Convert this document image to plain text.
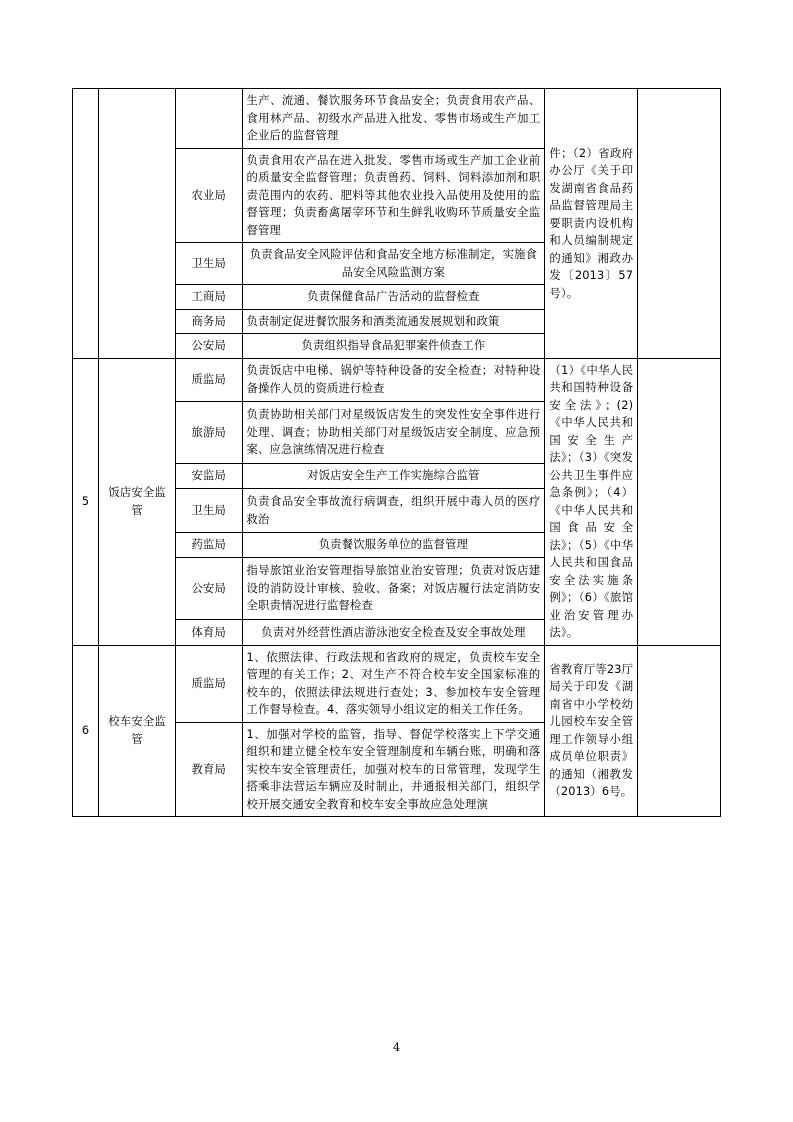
			生产、流通、餐饮服务环节食品安全；负责食用农产品、食用林产品、初级水产品进入批发、零售市场或生产加工企业后的监督管理	件；（2）省政府办公厅《关于印发湖南省食品药品监督管理局主要职责内设机构和人员编制规定的通知》湘政办发〔2013〕57号）。	
		农业局	负责食用农产品在进入批发、零售市场或生产加工企业前的质量安全监督管理；负责兽药、饲料、饲料添加剂和职责范围内的农药、肥料等其他农业投入品使用及使用的监督管理；负责畜禽屠宰环节和生鲜乳收购环节质量安全监督管理		
		卫生局	负责食品安全风险评估和食品安全地方标准制定，实施食品安全风险监测方案		
		工商局	负责保健食品广告活动的监督检查		
		商务局	负责制定促进餐饮服务和酒类流通发展规划和政策		
		公安局	负责组织指导食品犯罪案件侦查工作		
5	饭店安全监管	质监局	负责饭店中电梯、锅炉等特种设备的安全检查；对特种设备操作人员的资质进行检查	（1）《中华人民共和国特种设备安全法》；(2)《中华人民共和国安全生产法》；（3）《突发公共卫生事件应急条例》；（4）《中华人民共和国食品安全法》；（5）《中华人民共和国食品安全法实施条例》；（6）《旅馆业治安管理办法》。	
		旅游局	负责协助相关部门对星级饭店发生的突发性安全事件进行处理、调查；协助相关部门对星级饭店安全制度、应急预案、应急演练情况进行检查		
		安监局	对饭店安全生产工作实施综合监管		
		卫生局	负责食品安全事故流行病调查，组织开展中毒人员的医疗救治		
		药监局	负责餐饮服务单位的监督管理		
		公安局	指导旅馆业治安管理指导旅馆业治安管理；负责对饭店建设的消防设计审核、验收、备案；对饭店履行法定消防安全职责情况进行监督检查		
		体育局	负责对外经营性酒店游泳池安全检查及安全事故处理		
6	校车安全监管	质监局	1、依照法律、行政法规和省政府的规定，负责校车安全管理的有关工作；2、对生产不符合校车安全国家标准的校车的，依照法律法规进行查处；3、参加校车安全管理工作督导检查。4、落实领导小组议定的相关工作任务。	省教育厅等23厅局关于印发《湖南省中小学校幼儿园校车安全管理工作领导小组成员单位职责》的通知（湘教发（2013）6号。	
		教育局	1、加强对学校的监管，指导、督促学校落实上下学交通组织和建立健全校车安全管理制度和车辆台账，明确和落实校车安全管理责任，加强对校车的日常管理，发现学生搭乘非法营运车辆应及时制止，并通报相关部门，组织学校开展交通安全教育和校车安全事故应急处理演		
4
